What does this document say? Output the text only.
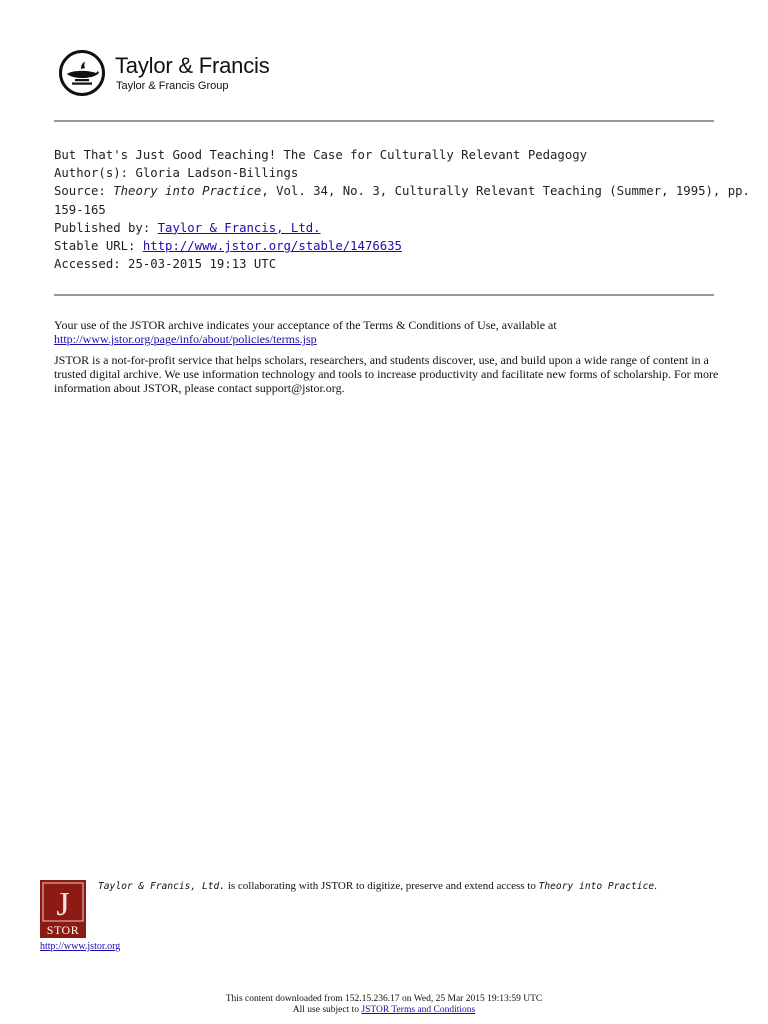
Taylor & Francis
Taylor & Francis Group
But That's Just Good Teaching! The Case for Culturally Relevant Pedagogy
Author(s): Gloria Ladson-Billings
Source: Theory into Practice, Vol. 34, No. 3, Culturally Relevant Teaching (Summer, 1995), pp.
159-165
Published by: Taylor & Francis, Ltd.
Stable URL: http://www.jstor.org/stable/1476635
Accessed: 25-03-2015 19:13 UTC

Your use of the JSTOR archive indicates your acceptance of the Terms & Conditions of Use, available at
http://www.jstor.org/page/info/about/policies/terms.jsp

JSTOR is a not-for-profit service that helps scholars, researchers, and students discover, use, and build upon a wide range of content in a trusted digital archive. We use information technology and tools to increase productivity and facilitate new forms of scholarship. For more information about JSTOR, please contact support@jstor.org.

J
STOR
Taylor & Francis, Ltd. is collaborating with JSTOR to digitize, preserve and extend access to Theory into Practice.
http://www.jstor.org
This content downloaded from 152.15.236.17 on Wed, 25 Mar 2015 19:13:59 UTC
All use subject to JSTOR Terms and Conditions
